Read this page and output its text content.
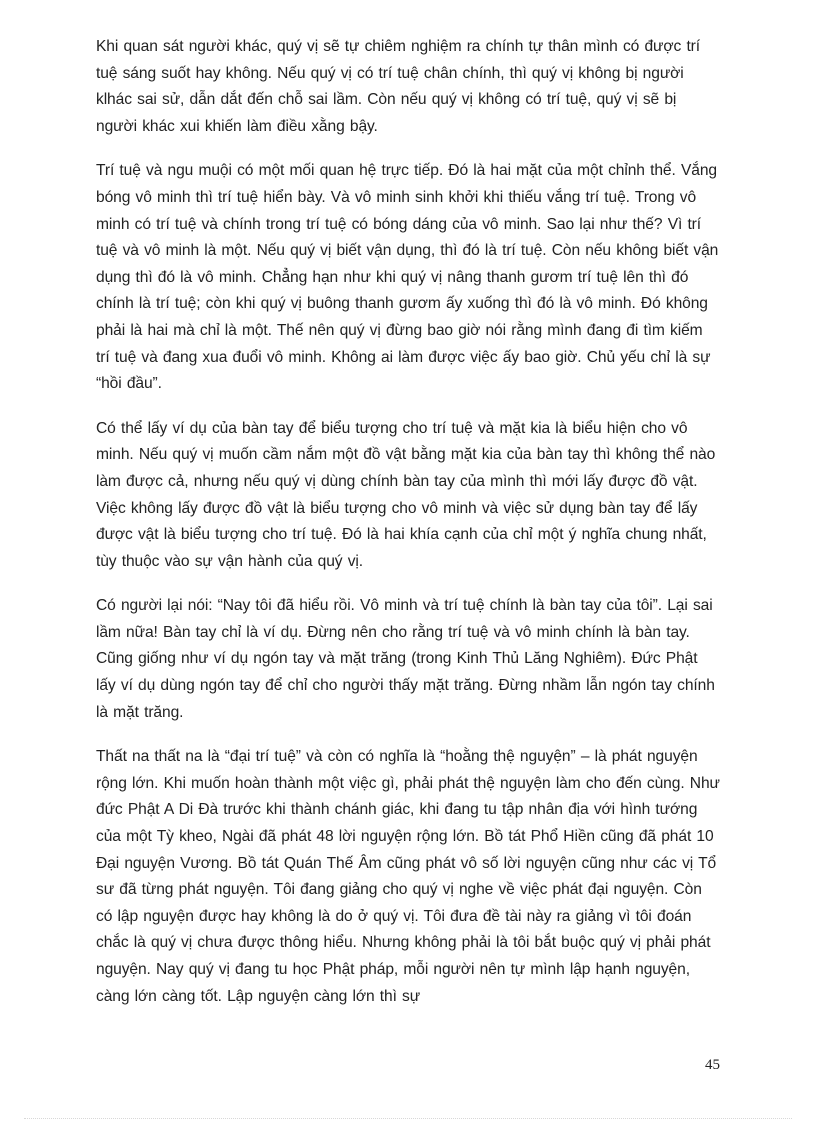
Khi quan sát người khác, quý vị sẽ tự chiêm nghiệm ra chính tự thân mình có được trí tuệ sáng suốt hay không. Nếu quý vị có trí tuệ chân chính, thì quý vị không bị người klhác sai sử, dẫn dắt đến chỗ sai lầm. Còn nếu quý vị không có trí tuệ, quý vị sẽ bị người khác xui khiến làm điều xằng bậy.

Trí tuệ và ngu muội có một mối quan hệ trực tiếp. Đó là hai mặt của một chỉnh thể. Vắng bóng vô minh thì trí tuệ hiển bày. Và vô minh sinh khởi khi thiếu vắng trí tuệ. Trong vô minh có trí tuệ và chính trong trí tuệ có bóng dáng của vô minh. Sao lại như thế? Vì trí tuệ và vô minh là một. Nếu quý vị biết vận dụng, thì đó là trí tuệ. Còn nếu không biết vận dụng thì đó là vô minh. Chẳng hạn như khi quý vị nâng thanh gươm trí tuệ lên thì đó chính là trí tuệ; còn khi quý vị buông thanh gươm ấy xuống thì đó là vô minh. Đó không phải là hai mà chỉ là một. Thế nên quý vị đừng bao giờ nói rằng mình đang đi tìm kiếm trí tuệ và đang xua đuổi vô minh. Không ai làm được việc ấy bao giờ. Chủ yếu chỉ là sự “hồi đầu”.

Có thể lấy ví dụ của bàn tay để biểu tượng cho trí tuệ và mặt kia là biểu hiện cho vô minh. Nếu quý vị muốn cầm nắm một đồ vật bằng mặt kia của bàn tay thì không thể nào làm được cả, nhưng nếu quý vị dùng chính bàn tay của mình thì mới lấy được đồ vật. Việc không lấy được đồ vật là biểu tượng cho vô minh và việc sử dụng bàn tay để lấy được vật là biểu tượng cho trí tuệ. Đó là hai khía cạnh của chỉ một ý nghĩa chung nhất, tùy thuộc vào sự vận hành của quý vị.

Có người lại nói: “Nay tôi đã hiểu rồi. Vô minh và trí tuệ chính là bàn tay của tôi”. Lại sai lầm nữa! Bàn tay chỉ là ví dụ. Đừng nên cho rằng trí tuệ và vô minh chính là bàn tay. Cũng giống như ví dụ ngón tay và mặt trăng (trong Kinh Thủ Lăng Nghiêm). Đức Phật lấy ví dụ dùng ngón tay để chỉ cho người thấy mặt trăng. Đừng nhầm lẫn ngón tay chính là mặt trăng.

Thất na thất na là “đại trí tuệ” và còn có nghĩa là “hoằng thệ nguyện” – là phát nguyện rộng lớn. Khi muốn hoàn thành một việc gì, phải phát thệ nguyện làm cho đến cùng. Như đức Phật A Di Đà trước khi thành chánh giác, khi đang tu tập nhân địa với hình tướng của một Tỳ kheo, Ngài đã phát 48 lời nguyện rộng lớn. Bồ tát Phổ Hiền cũng đã phát 10 Đại nguyện Vương. Bồ tát Quán Thế Âm cũng phát vô số lời nguyện cũng như các vị Tổ sư đã từng phát nguyện. Tôi đang giảng cho quý vị nghe về việc phát đại nguyện. Còn có lập nguyện được hay không là do ở quý vị. Tôi đưa đề tài này ra giảng vì tôi đoán chắc là quý vị chưa được thông hiểu. Nhưng không phải là tôi bắt buộc quý vị phải phát nguyện. Nay quý vị đang tu học Phật pháp, mỗi người nên tự mình lập hạnh nguyện, càng lớn càng tốt. Lập nguyện càng lớn thì sự

45
